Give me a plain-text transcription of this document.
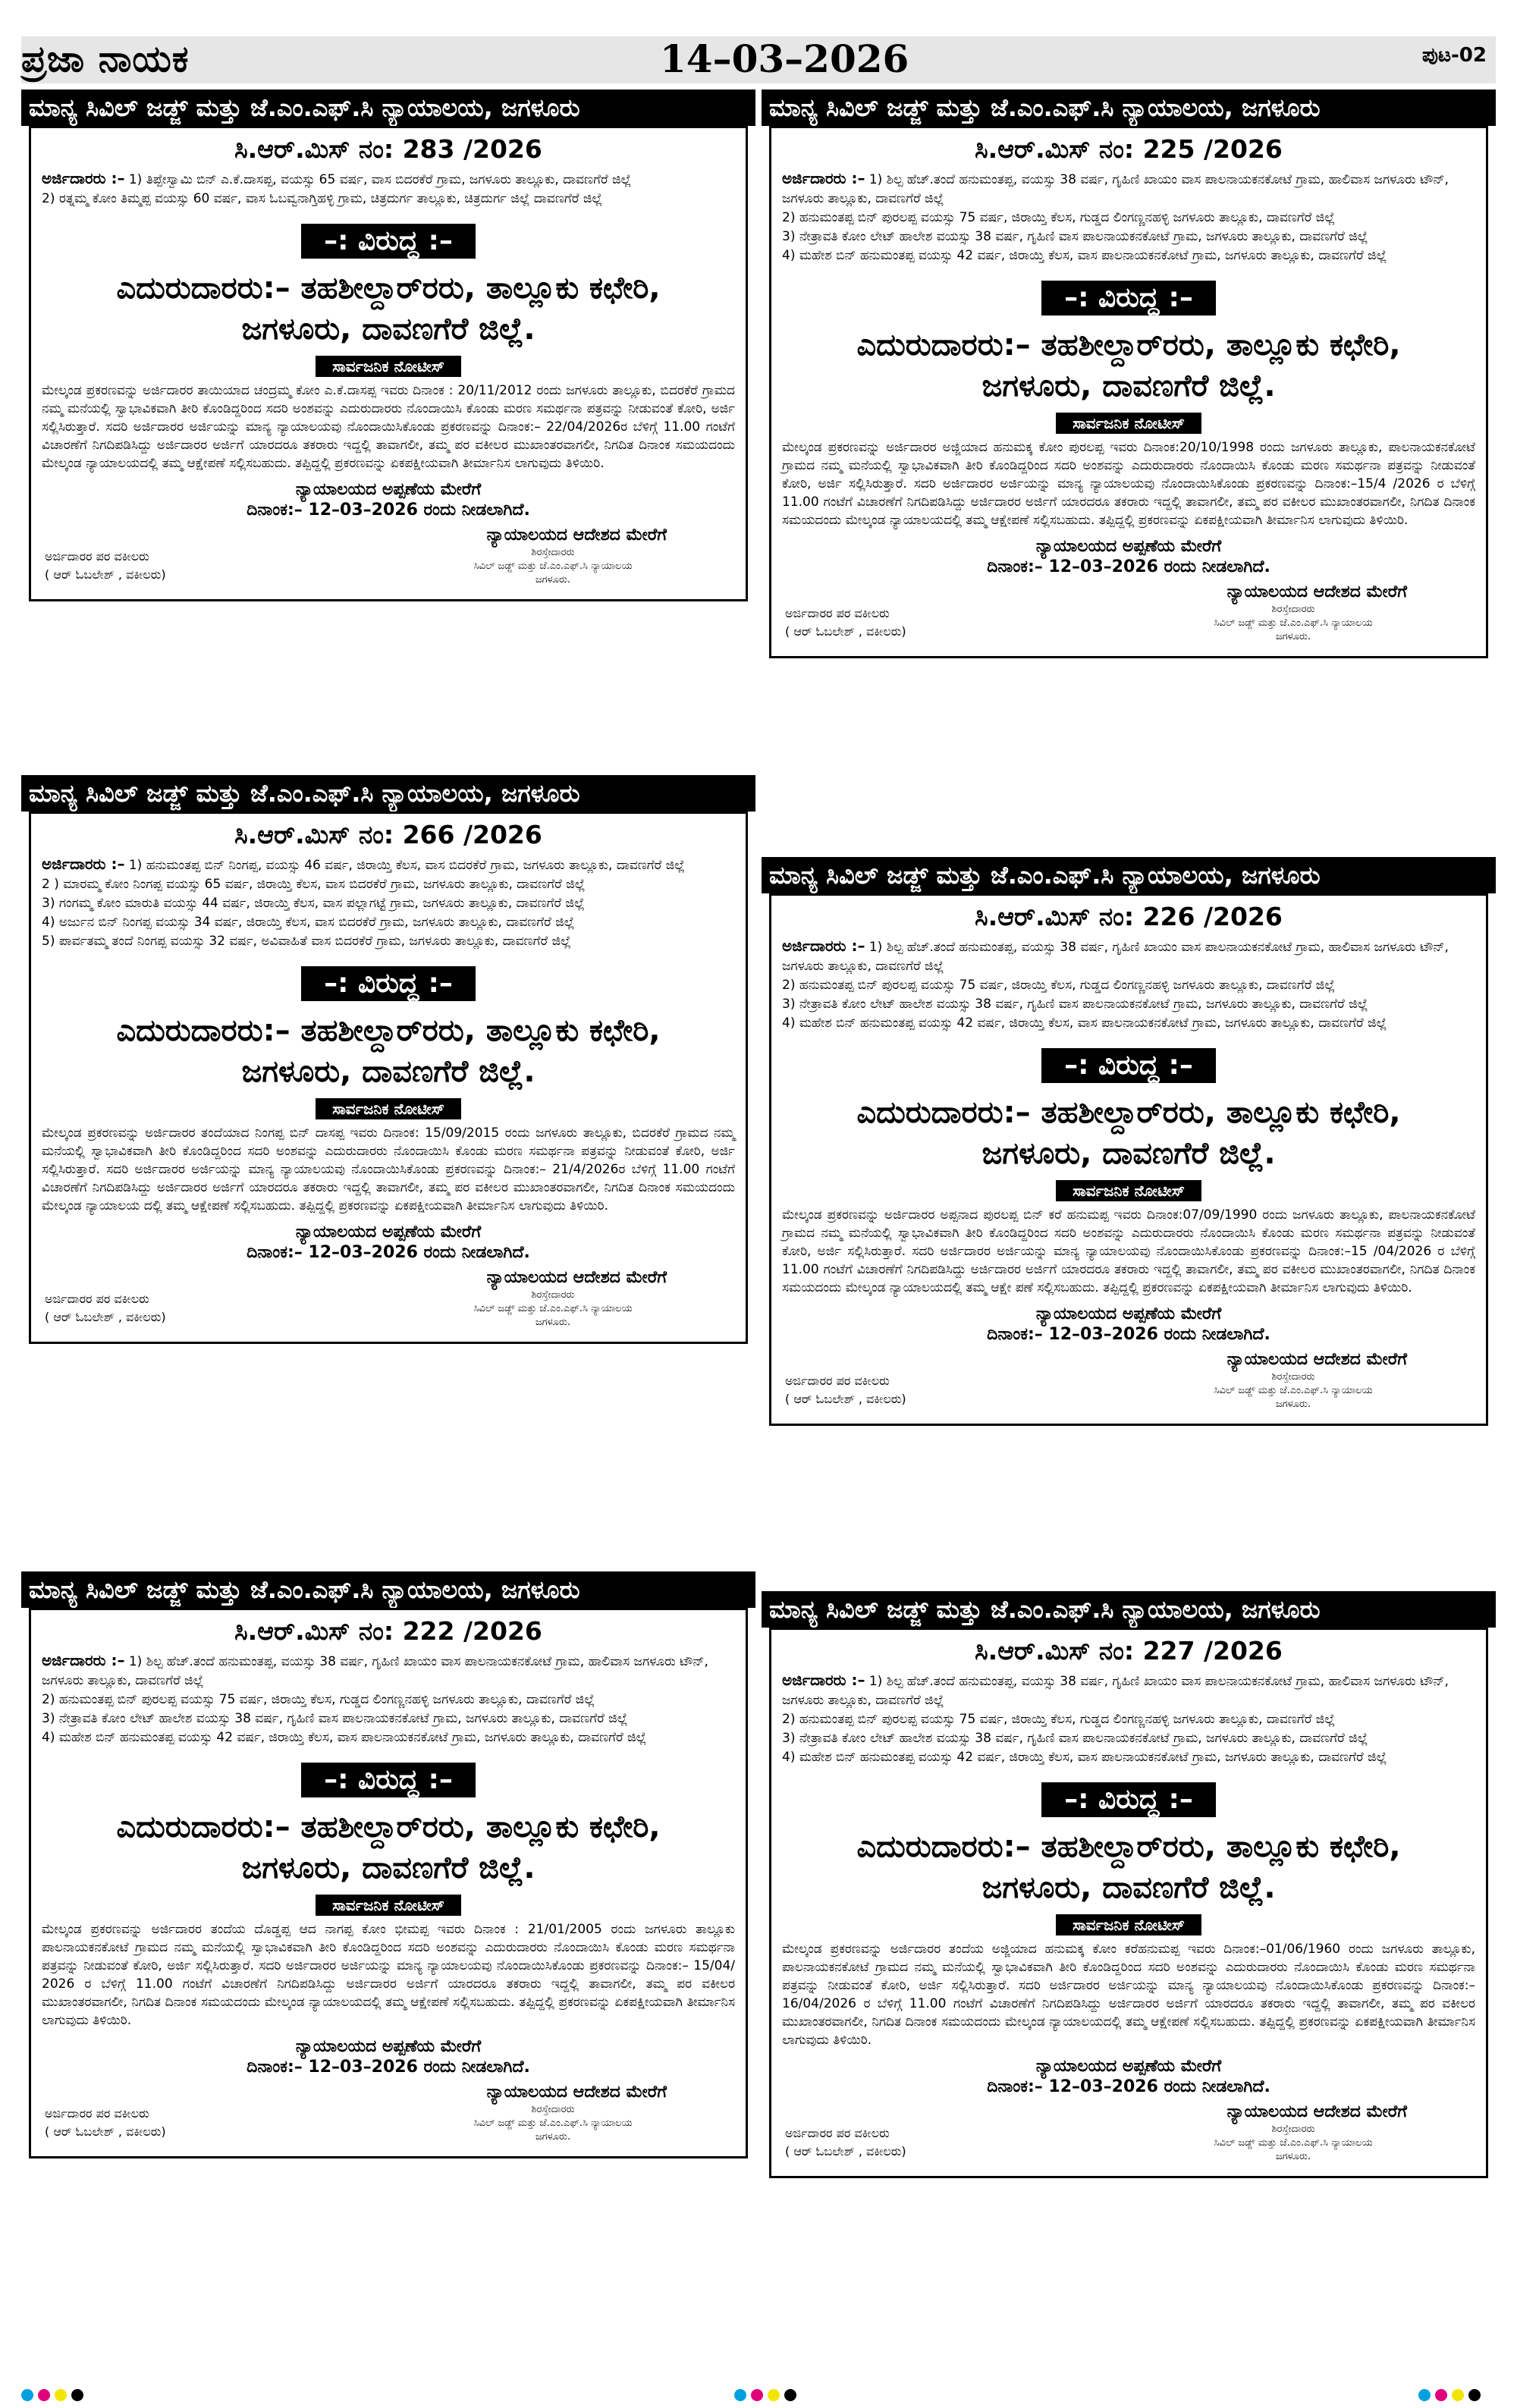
ಪ್ರಜಾ ನಾಯಕ	14–03–2026	ಪುಟ-02
ಮಾನ್ಯ ಸಿವಿಲ್ ಜಡ್ಜ್ ಮತ್ತು ಜೆ.ಎಂ.ಎಫ್.ಸಿ ನ್ಯಾಯಾಲಯ, ಜಗಳೂರು
ಸಿ.ಆರ್.ಮಿಸ್ ನಂ: 283 /2026
ಅರ್ಜಿದಾರರು :– 1) ತಿಪ್ಪೇಸ್ವಾಮಿ ಬಿನ್ ಎ.ಕೆ.ದಾಸಪ್ಪ, ವಯಸ್ಸು 65 ವರ್ಷ, ವಾಸ ಬಿದರಕೆರೆ ಗ್ರಾಮ, ಜಗಳೂರು ತಾಲ್ಲೂಕು, ದಾವಣಗೆರೆ ಜಿಲ್ಲೆ
2) ರತ್ನಮ್ಮ ಕೋಂ ತಿಮ್ಮಪ್ಪ ವಯಸ್ಸು 60 ವರ್ಷ, ವಾಸ ಓಬವ್ವನಾಗ್ತಿಹಳ್ಳಿ ಗ್ರಾಮ, ಚಿತ್ರದುರ್ಗ ತಾಲ್ಲೂಕು, ಚಿತ್ರದುರ್ಗ ಜಿಲ್ಲೆ ದಾವಣಗೆರೆ ಜಿಲ್ಲೆ
–: ವಿರುದ್ಧ :–
ಎದುರುದಾರರು:– ತಹಶೀಲ್ದಾರ್‌ರರು, ತಾಲ್ಲೂಕು ಕಛೇರಿ,
ಜಗಳೂರು, ದಾವಣಗೆರೆ ಜಿಲ್ಲೆ.
ಸಾರ್ವಜನಿಕ ನೋಟೀಸ್
ಮೇಲ್ಕಂಡ ಪ್ರಕರಣವನ್ನು ಅರ್ಜಿದಾರರ ತಾಯಿಯಾದ ಚಂದ್ರಮ್ಮ ಕೋಂ ಎ.ಕೆ.ದಾಸಪ್ಪ ಇವರು ದಿನಾಂಕ : 20/11/2012 ರಂದು ಜಗಳೂರು ತಾಲ್ಲೂಕು, ಬಿದರಕೆರೆ ಗ್ರಾಮದ ನಮ್ಮ ಮನೆಯಲ್ಲಿ ಸ್ವಾಭಾವಿಕವಾಗಿ ತೀರಿ ಕೊಂಡಿದ್ದರಿಂದ ಸದರಿ ಅಂಶವನ್ನು ಎದುರುದಾರರು ನೊಂದಾಯಿಸಿ ಕೊಂಡು ಮರಣ ಸಮರ್ಥನಾ ಪತ್ರವನ್ನು ನೀಡುವಂತೆ ಕೋರಿ, ಅರ್ಜಿ ಸಲ್ಲಿಸಿರುತ್ತಾರೆ. ಸದರಿ ಅರ್ಜಿದಾರರ ಅರ್ಜಿಯನ್ನು ಮಾನ್ಯ ನ್ಯಾಯಾಲಯವು ನೊಂದಾಯಿಸಿಕೊಂಡು ಪ್ರಕರಣವನ್ನು ದಿನಾಂಕ:– 22/04/2026ರ ಬೆಳಿಗ್ಗೆ 11.00 ಗಂಟೆಗೆ ವಿಚಾರಣೆಗೆ ನಿಗದಿಪಡಿಸಿದ್ದು ಅರ್ಜಿದಾರರ ಅರ್ಜಿಗೆ ಯಾರದರೂ ತಕರಾರು ಇದ್ದಲ್ಲಿ ತಾವಾಗಲೀ, ತಮ್ಮ ಪರ ವಕೀಲರ ಮುಖಾಂತರವಾಗಲೀ, ನಿಗದಿತ ದಿನಾಂಕ ಸಮಯದಂದು ಮೇಲ್ಕಂಡ ನ್ಯಾಯಾಲಯದಲ್ಲಿ ತಮ್ಮ ಆಕ್ಷೇಪಣೆ ಸಲ್ಲಿಸಬಹುದು. ತಪ್ಪಿದ್ದಲ್ಲಿ ಪ್ರಕರಣವನ್ನು ಏಕಪಕ್ಷೀಯವಾಗಿ ತೀರ್ಮಾನಿಸ ಲಾಗುವುದು ತಿಳಿಯಿರಿ.
ನ್ಯಾಯಾಲಯದ ಅಪ್ಪಣೆಯ ಮೇರೆಗೆ
ದಿನಾಂಕ:– 12–03–2026 ರಂದು ನೀಡಲಾಗಿದೆ.
ನ್ಯಾಯಾಲಯದ ಆದೇಶದ ಮೇರೆಗೆ
ಅರ್ಜಿದಾರರ ಪರ ವಕೀಲರು
( ಆರ್ ಓಬಲೇಶ್ , ವಕೀಲರು)
ಶಿರಸ್ತೇದಾರರು
ಸಿವಿಲ್ ಜಡ್ಜ್ ಮತ್ತು ಜೆ.ಎಂ.ಎಫ್.ಸಿ ನ್ಯಾಯಾಲಯ
ಜಗಳೂರು.
ಮಾನ್ಯ ಸಿವಿಲ್ ಜಡ್ಜ್ ಮತ್ತು ಜೆ.ಎಂ.ಎಫ್.ಸಿ ನ್ಯಾಯಾಲಯ, ಜಗಳೂರು
ಸಿ.ಆರ್.ಮಿಸ್ ನಂ: 266 /2026
ಅರ್ಜಿದಾರರು :– 1) ಹನುಮಂತಪ್ಪ ಬಿನ್ ನಿಂಗಪ್ಪ, ವಯಸ್ಸು 46 ವರ್ಷ, ಜಿರಾಯ್ತಿ ಕೆಲಸ, ವಾಸ ಬಿದರಕೆರೆ ಗ್ರಾಮ, ಜಗಳೂರು ತಾಲ್ಲೂಕು, ದಾವಣಗೆರೆ ಜಿಲ್ಲೆ
2 ) ಮಾರಮ್ಮ ಕೋಂ ನಿಂಗಪ್ಪ ವಯಸ್ಸು 65 ವರ್ಷ, ಜಿರಾಯ್ತಿ ಕೆಲಸ, ವಾಸ ಬಿದರಕೆರೆ ಗ್ರಾಮ, ಜಗಳೂರು ತಾಲ್ಲೂಕು, ದಾವಣಗೆರೆ ಜಿಲ್ಲೆ
3) ಗಂಗಮ್ಮ ಕೋಂ ಮಾರುತಿ ವಯಸ್ಸು 44 ವರ್ಷ, ಜಿರಾಯ್ತಿ ಕೆಲಸ, ವಾಸ ಪಲ್ಲಾಗಟ್ಟೆ ಗ್ರಾಮ, ಜಗಳೂರು ತಾಲ್ಲೂಕು, ದಾವಣಗೆರೆ ಜಿಲ್ಲೆ
4) ಅರ್ಜುನ ಬಿನ್ ನಿಂಗಪ್ಪ ವಯಸ್ಸು 34 ವರ್ಷ, ಜಿರಾಯ್ತಿ ಕೆಲಸ, ವಾಸ ಬಿದರಕೆರೆ ಗ್ರಾಮ, ಜಗಳೂರು ತಾಲ್ಲೂಕು, ದಾವಣಗೆರೆ ಜಿಲ್ಲೆ
5) ಪಾರ್ವತಮ್ಮ ತಂದೆ ನಿಂಗಪ್ಪ ವಯಸ್ಸು 32 ವರ್ಷ, ಅವಿವಾಹಿತೆ ವಾಸ ಬಿದರಕೆರೆ ಗ್ರಾಮ, ಜಗಳೂರು ತಾಲ್ಲೂಕು, ದಾವಣಗೆರೆ ಜಿಲ್ಲೆ
–: ವಿರುದ್ಧ :–
ಎದುರುದಾರರು:– ತಹಶೀಲ್ದಾರ್‌ರರು, ತಾಲ್ಲೂಕು ಕಛೇರಿ,
ಜಗಳೂರು, ದಾವಣಗೆರೆ ಜಿಲ್ಲೆ.
ಸಾರ್ವಜನಿಕ ನೋಟೀಸ್
ಮೇಲ್ಕಂಡ ಪ್ರಕರಣವನ್ನು ಅರ್ಜಿದಾರರ ತಂದೆಯಾದ ನಿಂಗಪ್ಪ ಬಿನ್ ದಾಸಪ್ಪ ಇವರು ದಿನಾಂಕ: 15/09/2015 ರಂದು ಜಗಳೂರು ತಾಲ್ಲೂಕು, ಬಿದರಕೆರೆ ಗ್ರಾಮದ ನಮ್ಮ ಮನೆಯಲ್ಲಿ ಸ್ವಾಭಾವಿಕವಾಗಿ ತೀರಿ ಕೊಂಡಿದ್ದರಿಂದ ಸದರಿ ಅಂಶವನ್ನು ಎದುರುದಾರರು ನೊಂದಾಯಿಸಿ ಕೊಂಡು ಮರಣ ಸಮರ್ಥನಾ ಪತ್ರವನ್ನು ನೀಡುವಂತೆ ಕೋರಿ, ಅರ್ಜಿ ಸಲ್ಲಿಸಿರುತ್ತಾರೆ. ಸದರಿ ಅರ್ಜಿದಾರರ ಅರ್ಜಿಯನ್ನು ಮಾನ್ಯ ನ್ಯಾಯಾಲಯವು ನೊಂದಾಯಿಸಿಕೊಂಡು ಪ್ರಕರಣವನ್ನು ದಿನಾಂಕ:– 21/4/2026ರ ಬೆಳಿಗ್ಗೆ 11.00 ಗಂಟೆಗೆ ವಿಚಾರಣೆಗೆ ನಿಗದಿಪಡಿಸಿದ್ದು ಅರ್ಜಿದಾರರ ಅರ್ಜಿಗೆ ಯಾರದರೂ ತಕರಾರು ಇದ್ದಲ್ಲಿ ತಾವಾಗಲೀ, ತಮ್ಮ ಪರ ವಕೀಲರ ಮುಖಾಂತರವಾಗಲೀ, ನಿಗದಿತ ದಿನಾಂಕ ಸಮಯದಂದು ಮೇಲ್ಕಂಡ ನ್ಯಾಯಾಲಯ ದಲ್ಲಿ ತಮ್ಮ ಆಕ್ಷೇಪಣೆ ಸಲ್ಲಿಸಬಹುದು. ತಪ್ಪಿದ್ದಲ್ಲಿ ಪ್ರಕರಣವನ್ನು ಏಕಪಕ್ಷೀಯವಾಗಿ ತೀರ್ಮಾನಿಸ ಲಾಗುವುದು ತಿಳಿಯಿರಿ.
ನ್ಯಾಯಾಲಯದ ಅಪ್ಪಣೆಯ ಮೇರೆಗೆ
ದಿನಾಂಕ:– 12–03–2026 ರಂದು ನೀಡಲಾಗಿದೆ.
ನ್ಯಾಯಾಲಯದ ಆದೇಶದ ಮೇರೆಗೆ
ಅರ್ಜಿದಾರರ ಪರ ವಕೀಲರು
( ಆರ್ ಓಬಲೇಶ್ , ವಕೀಲರು)
ಶಿರಸ್ತೇದಾರರು
ಸಿವಿಲ್ ಜಡ್ಜ್ ಮತ್ತು ಜೆ.ಎಂ.ಎಫ್.ಸಿ ನ್ಯಾಯಾಲಯ
ಜಗಳೂರು.
ಮಾನ್ಯ ಸಿವಿಲ್ ಜಡ್ಜ್ ಮತ್ತು ಜೆ.ಎಂ.ಎಫ್.ಸಿ ನ್ಯಾಯಾಲಯ, ಜಗಳೂರು
ಸಿ.ಆರ್.ಮಿಸ್ ನಂ: 222 /2026
ಅರ್ಜಿದಾರರು :– 1) ಶಿಲ್ಪ ಹೆಚ್.ತಂದೆ ಹನುಮಂತಪ್ಪ, ವಯಸ್ಸು 38 ವರ್ಷ, ಗೃಹಿಣಿ ಖಾಯಂ ವಾಸ ಪಾಲನಾಯಕನಕೋಟೆ ಗ್ರಾಮ, ಹಾಲಿವಾಸ ಜಗಳೂರು ಟೌನ್, ಜಗಳೂರು ತಾಲ್ಲೂಕು, ದಾವಣಗೆರೆ ಜಿಲ್ಲೆ
2) ಹನುಮಂತಪ್ಪ ಬಿನ್ ಪುರಲಪ್ಪ ವಯಸ್ಸು 75 ವರ್ಷ, ಜಿರಾಯ್ತಿ ಕೆಲಸ, ಗುಡ್ಡದ ಲಿಂಗಣ್ಣನಹಳ್ಳಿ ಜಗಳೂರು ತಾಲ್ಲೂಕು, ದಾವಣಗೆರೆ ಜಿಲ್ಲೆ
3) ನೇತ್ರಾವತಿ ಕೋಂ ಲೇಟ್ ಹಾಲೇಶ ವಯಸ್ಸು 38 ವರ್ಷ, ಗೃಹಿಣಿ ವಾಸ ಪಾಲನಾಯಕನಕೋಟೆ ಗ್ರಾಮ, ಜಗಳೂರು ತಾಲ್ಲೂಕು, ದಾವಣಗೆರೆ ಜಿಲ್ಲೆ
4) ಮಹೇಶ ಬಿನ್ ಹನುಮಂತಪ್ಪ ವಯಸ್ಸು 42 ವರ್ಷ, ಜಿರಾಯ್ತಿ ಕೆಲಸ, ವಾಸ ಪಾಲನಾಯಕನಕೋಟೆ ಗ್ರಾಮ, ಜಗಳೂರು ತಾಲ್ಲೂಕು, ದಾವಣಗೆರೆ ಜಿಲ್ಲೆ
–: ವಿರುದ್ಧ :–
ಎದುರುದಾರರು:– ತಹಶೀಲ್ದಾರ್‌ರರು, ತಾಲ್ಲೂಕು ಕಛೇರಿ,
ಜಗಳೂರು, ದಾವಣಗೆರೆ ಜಿಲ್ಲೆ.
ಸಾರ್ವಜನಿಕ ನೋಟೀಸ್
ಮೇಲ್ಕಂಡ ಪ್ರಕರಣವನ್ನು ಅರ್ಜಿದಾರರ ತಂದೆಯ ದೊಡ್ಡಪ್ಪ ಆದ ನಾಗಪ್ಪ ಕೋಂ ಭೀಮಪ್ಪ ಇವರು ದಿನಾಂಕ : 21/01/2005 ರಂದು ಜಗಳೂರು ತಾಲ್ಲೂಕು ಪಾಲನಾಯಕನಕೋಟೆ ಗ್ರಾಮದ ನಮ್ಮ ಮನೆಯಲ್ಲಿ ಸ್ವಾಭಾವಿಕವಾಗಿ ತೀರಿ ಕೊಂಡಿದ್ದರಿಂದ ಸದರಿ ಅಂಶವನ್ನು ಎದುರುದಾರರು ನೊಂದಾಯಿಸಿ ಕೊಂಡು ಮರಣ ಸಮರ್ಥನಾ ಪತ್ರವನ್ನು ನೀಡುವಂತೆ ಕೋರಿ, ಅರ್ಜಿ ಸಲ್ಲಿಸಿರುತ್ತಾರೆ. ಸದರಿ ಅರ್ಜಿದಾರರ ಅರ್ಜಿಯನ್ನು ಮಾನ್ಯ ನ್ಯಾಯಾಲಯವು ನೊಂದಾಯಿಸಿಕೊಂಡು ಪ್ರಕರಣವನ್ನು ದಿನಾಂಕ:– 15/04/ 2026 ರ ಬೆಳಿಗ್ಗೆ 11.00 ಗಂಟೆಗೆ ವಿಚಾರಣೆಗೆ ನಿಗದಿಪಡಿಸಿದ್ದು ಅರ್ಜಿದಾರರ ಅರ್ಜಿಗೆ ಯಾರದರೂ ತಕರಾರು ಇದ್ದಲ್ಲಿ ತಾವಾಗಲೀ, ತಮ್ಮ ಪರ ವಕೀಲರ ಮುಖಾಂತರವಾಗಲೀ, ನಿಗದಿತ ದಿನಾಂಕ ಸಮಯದಂದು ಮೇಲ್ಕಂಡ ನ್ಯಾಯಾಲಯದಲ್ಲಿ ತಮ್ಮ ಆಕ್ಷೇಪಣೆ ಸಲ್ಲಿಸಬಹುದು. ತಪ್ಪಿದ್ದಲ್ಲಿ ಪ್ರಕರಣವನ್ನು ಏಕಪಕ್ಷೀಯವಾಗಿ ತೀರ್ಮಾನಿಸ ಲಾಗುವುದು ತಿಳಿಯಿರಿ.
ನ್ಯಾಯಾಲಯದ ಅಪ್ಪಣೆಯ ಮೇರೆಗೆ
ದಿನಾಂಕ:– 12–03–2026 ರಂದು ನೀಡಲಾಗಿದೆ.
ನ್ಯಾಯಾಲಯದ ಆದೇಶದ ಮೇರೆಗೆ
ಅರ್ಜಿದಾರರ ಪರ ವಕೀಲರು
( ಆರ್ ಓಬಲೇಶ್ , ವಕೀಲರು)
ಶಿರಸ್ತೇದಾರರು
ಸಿವಿಲ್ ಜಡ್ಜ್ ಮತ್ತು ಜೆ.ಎಂ.ಎಫ್.ಸಿ ನ್ಯಾಯಾಲಯ
ಜಗಳೂರು.
ಮಾನ್ಯ ಸಿವಿಲ್ ಜಡ್ಜ್ ಮತ್ತು ಜೆ.ಎಂ.ಎಫ್.ಸಿ ನ್ಯಾಯಾಲಯ, ಜಗಳೂರು
ಸಿ.ಆರ್.ಮಿಸ್ ನಂ: 225 /2026
ಅರ್ಜಿದಾರರು :– 1) ಶಿಲ್ಪ ಹೆಚ್.ತಂದೆ ಹನುಮಂತಪ್ಪ, ವಯಸ್ಸು 38 ವರ್ಷ, ಗೃಹಿಣಿ ಖಾಯಂ ವಾಸ ಪಾಲನಾಯಕನಕೋಟೆ ಗ್ರಾಮ, ಹಾಲಿವಾಸ ಜಗಳೂರು ಟೌನ್, ಜಗಳೂರು ತಾಲ್ಲೂಕು, ದಾವಣಗೆರೆ ಜಿಲ್ಲೆ
2) ಹನುಮಂತಪ್ಪ ಬಿನ್ ಪುರಲಪ್ಪ ವಯಸ್ಸು 75 ವರ್ಷ, ಜಿರಾಯ್ತಿ ಕೆಲಸ, ಗುಡ್ಡದ ಲಿಂಗಣ್ಣನಹಳ್ಳಿ ಜಗಳೂರು ತಾಲ್ಲೂಕು, ದಾವಣಗೆರೆ ಜಿಲ್ಲೆ
3) ನೇತ್ರಾವತಿ ಕೋಂ ಲೇಟ್ ಹಾಲೇಶ ವಯಸ್ಸು 38 ವರ್ಷ, ಗೃಹಿಣಿ ವಾಸ ಪಾಲನಾಯಕನಕೋಟೆ ಗ್ರಾಮ, ಜಗಳೂರು ತಾಲ್ಲೂಕು, ದಾವಣಗೆರೆ ಜಿಲ್ಲೆ
4) ಮಹೇಶ ಬಿನ್ ಹನುಮಂತಪ್ಪ ವಯಸ್ಸು 42 ವರ್ಷ, ಜಿರಾಯ್ತಿ ಕೆಲಸ, ವಾಸ ಪಾಲನಾಯಕನಕೋಟೆ ಗ್ರಾಮ, ಜಗಳೂರು ತಾಲ್ಲೂಕು, ದಾವಣಗೆರೆ ಜಿಲ್ಲೆ
–: ವಿರುದ್ಧ :–
ಎದುರುದಾರರು:– ತಹಶೀಲ್ದಾರ್‌ರರು, ತಾಲ್ಲೂಕು ಕಛೇರಿ,
ಜಗಳೂರು, ದಾವಣಗೆರೆ ಜಿಲ್ಲೆ.
ಸಾರ್ವಜನಿಕ ನೋಟೀಸ್
ಮೇಲ್ಕಂಡ ಪ್ರಕರಣವನ್ನು ಅರ್ಜಿದಾರರ ಅಜ್ಜಿಯಾದ ಹನುಮಕ್ಕ ಕೋಂ ಪುರಲಪ್ಪ ಇವರು ದಿನಾಂಕ:20/10/1998 ರಂದು ಜಗಳೂರು ತಾಲ್ಲೂಕು, ಪಾಲನಾಯಕನಕೋಟೆ ಗ್ರಾಮದ ನಮ್ಮ ಮನೆಯಲ್ಲಿ ಸ್ವಾಭಾವಿಕವಾಗಿ ತೀರಿ ಕೊಂಡಿದ್ದರಿಂದ ಸದರಿ ಅಂಶವನ್ನು ಎದುರುದಾರರು ನೊಂದಾಯಿಸಿ ಕೊಂಡು ಮರಣ ಸಮರ್ಥನಾ ಪತ್ರವನ್ನು ನೀಡುವಂತೆ ಕೋರಿ, ಅರ್ಜಿ ಸಲ್ಲಿಸಿರುತ್ತಾರೆ. ಸದರಿ ಅರ್ಜಿದಾರರ ಅರ್ಜಿಯನ್ನು ಮಾನ್ಯ ನ್ಯಾಯಾಲಯವು ನೊಂದಾಯಿಸಿಕೊಂಡು ಪ್ರಕರಣವನ್ನು ದಿನಾಂಕ:–15/4 /2026 ರ ಬೆಳಿಗ್ಗೆ 11.00 ಗಂಟೆಗೆ ವಿಚಾರಣೆಗೆ ನಿಗದಿಪಡಿಸಿದ್ದು ಅರ್ಜಿದಾರರ ಅರ್ಜಿಗೆ ಯಾರದರೂ ತಕರಾರು ಇದ್ದಲ್ಲಿ ತಾವಾಗಲೀ, ತಮ್ಮ ಪರ ವಕೀಲರ ಮುಖಾಂತರವಾಗಲೀ, ನಿಗದಿತ ದಿನಾಂಕ ಸಮಯದಂದು ಮೇಲ್ಕಂಡ ನ್ಯಾಯಾಲಯದಲ್ಲಿ ತಮ್ಮ ಆಕ್ಷೇಪಣೆ ಸಲ್ಲಿಸಬಹುದು. ತಪ್ಪಿದ್ದಲ್ಲಿ ಪ್ರಕರಣವನ್ನು ಏಕಪಕ್ಷೀಯವಾಗಿ ತೀರ್ಮಾನಿಸ ಲಾಗುವುದು ತಿಳಿಯಿರಿ.
ನ್ಯಾಯಾಲಯದ ಅಪ್ಪಣೆಯ ಮೇರೆಗೆ
ದಿನಾಂಕ:– 12–03–2026 ರಂದು ನೀಡಲಾಗಿದೆ.
ನ್ಯಾಯಾಲಯದ ಆದೇಶದ ಮೇರೆಗೆ
ಅರ್ಜಿದಾರರ ಪರ ವಕೀಲರು
( ಆರ್ ಓಬಲೇಶ್ , ವಕೀಲರು)
ಶಿರಸ್ತೇದಾರರು
ಸಿವಿಲ್ ಜಡ್ಜ್ ಮತ್ತು ಜೆ.ಎಂ.ಎಫ್.ಸಿ ನ್ಯಾಯಾಲಯ
ಜಗಳೂರು.
ಮಾನ್ಯ ಸಿವಿಲ್ ಜಡ್ಜ್ ಮತ್ತು ಜೆ.ಎಂ.ಎಫ್.ಸಿ ನ್ಯಾಯಾಲಯ, ಜಗಳೂರು
ಸಿ.ಆರ್.ಮಿಸ್ ನಂ: 226 /2026
ಅರ್ಜಿದಾರರು :– 1) ಶಿಲ್ಪ ಹೆಚ್.ತಂದೆ ಹನುಮಂತಪ್ಪ, ವಯಸ್ಸು 38 ವರ್ಷ, ಗೃಹಿಣಿ ಖಾಯಂ ವಾಸ ಪಾಲನಾಯಕನಕೋಟೆ ಗ್ರಾಮ, ಹಾಲಿವಾಸ ಜಗಳೂರು ಟೌನ್, ಜಗಳೂರು ತಾಲ್ಲೂಕು, ದಾವಣಗೆರೆ ಜಿಲ್ಲೆ
2) ಹನುಮಂತಪ್ಪ ಬಿನ್ ಪುರಲಪ್ಪ ವಯಸ್ಸು 75 ವರ್ಷ, ಜಿರಾಯ್ತಿ ಕೆಲಸ, ಗುಡ್ಡದ ಲಿಂಗಣ್ಣನಹಳ್ಳಿ ಜಗಳೂರು ತಾಲ್ಲೂಕು, ದಾವಣಗೆರೆ ಜಿಲ್ಲೆ
3) ನೇತ್ರಾವತಿ ಕೋಂ ಲೇಟ್ ಹಾಲೇಶ ವಯಸ್ಸು 38 ವರ್ಷ, ಗೃಹಿಣಿ ವಾಸ ಪಾಲನಾಯಕನಕೋಟೆ ಗ್ರಾಮ, ಜಗಳೂರು ತಾಲ್ಲೂಕು, ದಾವಣಗೆರೆ ಜಿಲ್ಲೆ
4) ಮಹೇಶ ಬಿನ್ ಹನುಮಂತಪ್ಪ ವಯಸ್ಸು 42 ವರ್ಷ, ಜಿರಾಯ್ತಿ ಕೆಲಸ, ವಾಸ ಪಾಲನಾಯಕನಕೋಟೆ ಗ್ರಾಮ, ಜಗಳೂರು ತಾಲ್ಲೂಕು, ದಾವಣಗೆರೆ ಜಿಲ್ಲೆ
–: ವಿರುದ್ಧ :–
ಎದುರುದಾರರು:– ತಹಶೀಲ್ದಾರ್‌ರರು, ತಾಲ್ಲೂಕು ಕಛೇರಿ,
ಜಗಳೂರು, ದಾವಣಗೆರೆ ಜಿಲ್ಲೆ.
ಸಾರ್ವಜನಿಕ ನೋಟೀಸ್
ಮೇಲ್ಕಂಡ ಪ್ರಕರಣವನ್ನು ಅರ್ಜಿದಾರರ ಅಪ್ಪನಾದ ಪುರಲಪ್ಪ ಬಿನ್ ಕರೆ ಹನುಮಪ್ಪ ಇವರು ದಿನಾಂಕ:07/09/1990 ರಂದು ಜಗಳೂರು ತಾಲ್ಲೂಕು, ಪಾಲನಾಯಕನಕೋಟೆ ಗ್ರಾಮದ ನಮ್ಮ ಮನೆಯಲ್ಲಿ ಸ್ವಾಭಾವಿಕವಾಗಿ ತೀರಿ ಕೊಂಡಿದ್ದರಿಂದ ಸದರಿ ಅಂಶವನ್ನು ಎದುರುದಾರರು ನೊಂದಾಯಿಸಿ ಕೊಂಡು ಮರಣ ಸಮರ್ಥನಾ ಪತ್ರವನ್ನು ನೀಡುವಂತೆ ಕೋರಿ, ಅರ್ಜಿ ಸಲ್ಲಿಸಿರುತ್ತಾರೆ. ಸದರಿ ಅರ್ಜಿದಾರರ ಅರ್ಜಿಯನ್ನು ಮಾನ್ಯ ನ್ಯಾಯಾಲಯವು ನೊಂದಾಯಿಸಿಕೊಂಡು ಪ್ರಕರಣವನ್ನು ದಿನಾಂಕ:–15 /04/2026 ರ ಬೆಳಿಗ್ಗೆ 11.00 ಗಂಟೆಗೆ ವಿಚಾರಣೆಗೆ ನಿಗದಿಪಡಿಸಿದ್ದು ಅರ್ಜಿದಾರರ ಅರ್ಜಿಗೆ ಯಾರದರೂ ತಕರಾರು ಇದ್ದಲ್ಲಿ ತಾವಾಗಲೀ, ತಮ್ಮ ಪರ ವಕೀಲರ ಮುಖಾಂತರವಾಗಲೀ, ನಿಗದಿತ ದಿನಾಂಕ ಸಮಯದಂದು ಮೇಲ್ಕಂಡ ನ್ಯಾಯಾಲಯದಲ್ಲಿ ತಮ್ಮ ಆಕ್ಷೇ ಪಣೆ ಸಲ್ಲಿಸಬಹುದು. ತಪ್ಪಿದ್ದಲ್ಲಿ ಪ್ರಕರಣವನ್ನು ಏಕಪಕ್ಷೀಯವಾಗಿ ತೀರ್ಮಾನಿಸ ಲಾಗುವುದು ತಿಳಿಯಿರಿ.
ನ್ಯಾಯಾಲಯದ ಅಪ್ಪಣೆಯ ಮೇರೆಗೆ
ದಿನಾಂಕ:– 12–03–2026 ರಂದು ನೀಡಲಾಗಿದೆ.
ನ್ಯಾಯಾಲಯದ ಆದೇಶದ ಮೇರೆಗೆ
ಅರ್ಜಿದಾರರ ಪರ ವಕೀಲರು
( ಆರ್ ಓಬಲೇಶ್ , ವಕೀಲರು)
ಶಿರಸ್ತೇದಾರರು
ಸಿವಿಲ್ ಜಡ್ಜ್ ಮತ್ತು ಜೆ.ಎಂ.ಎಫ್.ಸಿ ನ್ಯಾಯಾಲಯ
ಜಗಳೂರು.
ಮಾನ್ಯ ಸಿವಿಲ್ ಜಡ್ಜ್ ಮತ್ತು ಜೆ.ಎಂ.ಎಫ್.ಸಿ ನ್ಯಾಯಾಲಯ, ಜಗಳೂರು
ಸಿ.ಆರ್.ಮಿಸ್ ನಂ: 227 /2026
ಅರ್ಜಿದಾರರು :– 1) ಶಿಲ್ಪ ಹೆಚ್.ತಂದೆ ಹನುಮಂತಪ್ಪ, ವಯಸ್ಸು 38 ವರ್ಷ, ಗೃಹಿಣಿ ಖಾಯಂ ವಾಸ ಪಾಲನಾಯಕನಕೋಟೆ ಗ್ರಾಮ, ಹಾಲಿವಾಸ ಜಗಳೂರು ಟೌನ್, ಜಗಳೂರು ತಾಲ್ಲೂಕು, ದಾವಣಗೆರೆ ಜಿಲ್ಲೆ
2) ಹನುಮಂತಪ್ಪ ಬಿನ್ ಪುರಲಪ್ಪ ವಯಸ್ಸು 75 ವರ್ಷ, ಜಿರಾಯ್ತಿ ಕೆಲಸ, ಗುಡ್ಡದ ಲಿಂಗಣ್ಣನಹಳ್ಳಿ ಜಗಳೂರು ತಾಲ್ಲೂಕು, ದಾವಣಗೆರೆ ಜಿಲ್ಲೆ
3) ನೇತ್ರಾವತಿ ಕೋಂ ಲೇಟ್ ಹಾಲೇಶ ವಯಸ್ಸು 38 ವರ್ಷ, ಗೃಹಿಣಿ ವಾಸ ಪಾಲನಾಯಕನಕೋಟೆ ಗ್ರಾಮ, ಜಗಳೂರು ತಾಲ್ಲೂಕು, ದಾವಣಗೆರೆ ಜಿಲ್ಲೆ
4) ಮಹೇಶ ಬಿನ್ ಹನುಮಂತಪ್ಪ ವಯಸ್ಸು 42 ವರ್ಷ, ಜಿರಾಯ್ತಿ ಕೆಲಸ, ವಾಸ ಪಾಲನಾಯಕನಕೋಟೆ ಗ್ರಾಮ, ಜಗಳೂರು ತಾಲ್ಲೂಕು, ದಾವಣಗೆರೆ ಜಿಲ್ಲೆ
–: ವಿರುದ್ಧ :–
ಎದುರುದಾರರು:– ತಹಶೀಲ್ದಾರ್‌ರರು, ತಾಲ್ಲೂಕು ಕಛೇರಿ,
ಜಗಳೂರು, ದಾವಣಗೆರೆ ಜಿಲ್ಲೆ.
ಸಾರ್ವಜನಿಕ ನೋಟೀಸ್
ಮೇಲ್ಕಂಡ ಪ್ರಕರಣವನ್ನು ಅರ್ಜಿದಾರರ ತಂದೆಯ ಅಜ್ಜಿಯಾದ ಹನುಮಕ್ಕ ಕೋಂ ಕರೆಹನುಮಪ್ಪ ಇವರು ದಿನಾಂಕ:–01/06/1960 ರಂದು ಜಗಳೂರು ತಾಲ್ಲೂಕು, ಪಾಲನಾಯಕನಕೋಟೆ ಗ್ರಾಮದ ನಮ್ಮ ಮನೆಯಲ್ಲಿ ಸ್ವಾಭಾವಿಕವಾಗಿ ತೀರಿ ಕೊಂಡಿದ್ದರಿಂದ ಸದರಿ ಅಂಶವನ್ನು ಎದುರುದಾರರು ನೊಂದಾಯಿಸಿ ಕೊಂಡು ಮರಣ ಸಮರ್ಥನಾ ಪತ್ರವನ್ನು ನೀಡುವಂತೆ ಕೋರಿ, ಅರ್ಜಿ ಸಲ್ಲಿಸಿರುತ್ತಾರೆ. ಸದರಿ ಅರ್ಜಿದಾರರ ಅರ್ಜಿಯನ್ನು ಮಾನ್ಯ ನ್ಯಾಯಾಲಯವು ನೊಂದಾಯಿಸಿಕೊಂಡು ಪ್ರಕರಣವನ್ನು ದಿನಾಂಕ:– 16/04/2026 ರ ಬೆಳಿಗ್ಗೆ 11.00 ಗಂಟೆಗೆ ವಿಚಾರಣೆಗೆ ನಿಗದಿಪಡಿಸಿದ್ದು ಅರ್ಜಿದಾರರ ಅರ್ಜಿಗೆ ಯಾರದರೂ ತಕರಾರು ಇದ್ದಲ್ಲಿ ತಾವಾಗಲೀ, ತಮ್ಮ ಪರ ವಕೀಲರ ಮುಖಾಂತರವಾಗಲೀ, ನಿಗದಿತ ದಿನಾಂಕ ಸಮಯದಂದು ಮೇಲ್ಕಂಡ ನ್ಯಾಯಾಲಯದಲ್ಲಿ ತಮ್ಮ ಆಕ್ಷೇಪಣೆ ಸಲ್ಲಿಸಬಹುದು. ತಪ್ಪಿದ್ದಲ್ಲಿ ಪ್ರಕರಣವನ್ನು ಏಕಪಕ್ಷೀಯವಾಗಿ ತೀರ್ಮಾನಿಸ ಲಾಗುವುದು ತಿಳಿಯಿರಿ.
ನ್ಯಾಯಾಲಯದ ಅಪ್ಪಣೆಯ ಮೇರೆಗೆ
ದಿನಾಂಕ:– 12–03–2026 ರಂದು ನೀಡಲಾಗಿದೆ.
ನ್ಯಾಯಾಲಯದ ಆದೇಶದ ಮೇರೆಗೆ
ಅರ್ಜಿದಾರರ ಪರ ವಕೀಲರು
( ಆರ್ ಓಬಲೇಶ್ , ವಕೀಲರು)
ಶಿರಸ್ತೇದಾರರು
ಸಿವಿಲ್ ಜಡ್ಜ್ ಮತ್ತು ಜೆ.ಎಂ.ಎಫ್.ಸಿ ನ್ಯಾಯಾಲಯ
ಜಗಳೂರು.
